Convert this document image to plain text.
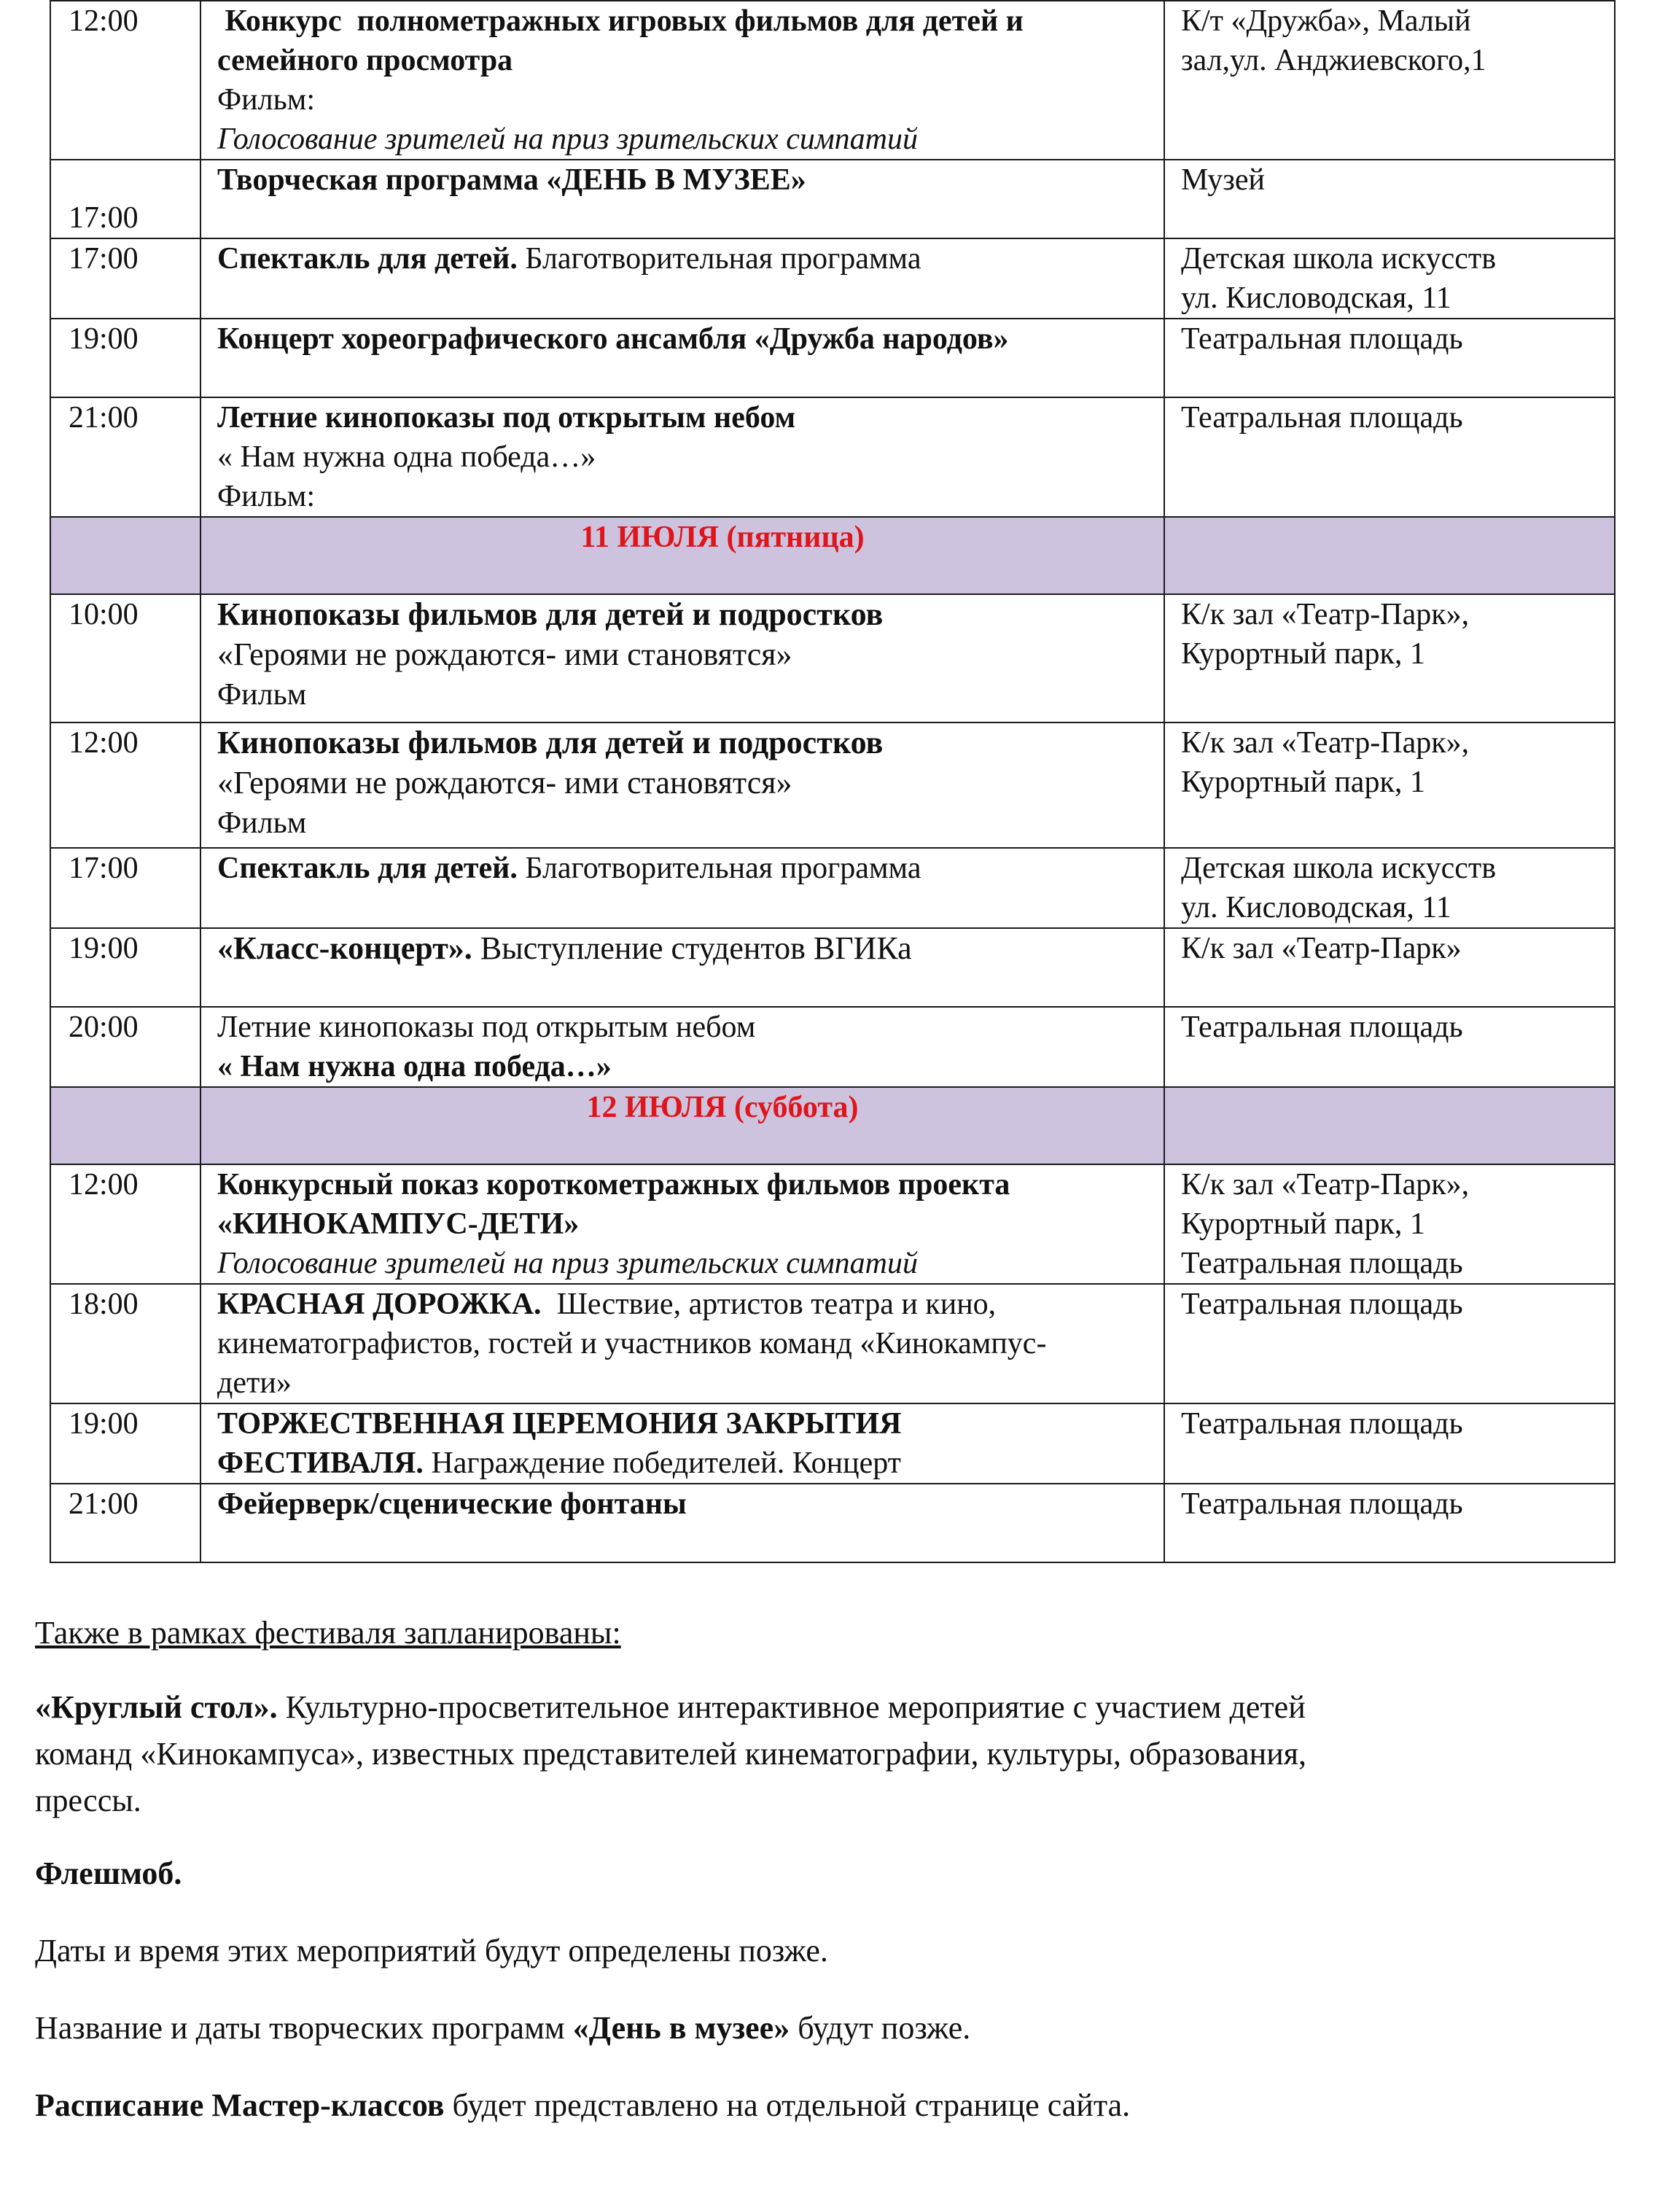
12:00	Конкурс  полнометражных игровых фильмов для детей и
семейного просмотра
Фильм:
Голосование зрителей на приз зрительских симпатий	К/т «Дружба», Малый
зал,ул. Анджиевского,1

17:00	Творческая программа «ДЕНЬ В МУЗЕЕ»	Музей

17:00	Спектакль для детей. Благотворительная программа	Детская школа искусств
ул. Кисловодская, 11

19:00	Концерт хореографического ансамбля «Дружба народов»	Театральная площадь

21:00	Летние кинопоказы под открытым небом
« Нам нужна одна победа…»
Фильм:	Театральная площадь

	11 ИЮЛЯ (пятница)	

10:00	Кинопоказы фильмов для детей и подростков
«Героями не рождаются- ими становятся»
Фильм	К/к зал «Театр-Парк»,
Курортный парк, 1

12:00	Кинопоказы фильмов для детей и подростков
«Героями не рождаются- ими становятся»
Фильм	К/к зал «Театр-Парк»,
Курортный парк, 1

17:00	Спектакль для детей. Благотворительная программа	Детская школа искусств
ул. Кисловодская, 11

19:00	«Класс-концерт». Выступление студентов ВГИКа	К/к зал «Театр-Парк»

20:00	Летние кинопоказы под открытым небом
« Нам нужна одна победа…»	Театральная площадь

	12 ИЮЛЯ (суббота)	

12:00	Конкурсный показ короткометражных фильмов проекта
«КИНОКАМПУС-ДЕТИ»
Голосование зрителей на приз зрительских симпатий	К/к зал «Театр-Парк»,
Курортный парк, 1
Театральная площадь

18:00	КРАСНАЯ ДОРОЖКА.  Шествие, артистов театра и кино,
кинематографистов, гостей и участников команд «Кинокампус-
дети»	Театральная площадь

19:00	ТОРЖЕСТВЕННАЯ ЦЕРЕМОНИЯ ЗАКРЫТИЯ
ФЕСТИВАЛЯ. Награждение победителей. Концерт	Театральная площадь

21:00	Фейерверк/сценические фонтаны	Театральная площадь

Также в рамках фестиваля запланированы:

«Круглый стол». Культурно-просветительное интерактивное мероприятие с участием детей

команд «Кинокампуса», известных представителей кинематографии, культуры, образования,

прессы.

Флешмоб.

Даты и время этих мероприятий будут определены позже.

Название и даты творческих программ «День в музее» будут позже.

Расписание Мастер-классов будет представлено на отдельной странице сайта.
